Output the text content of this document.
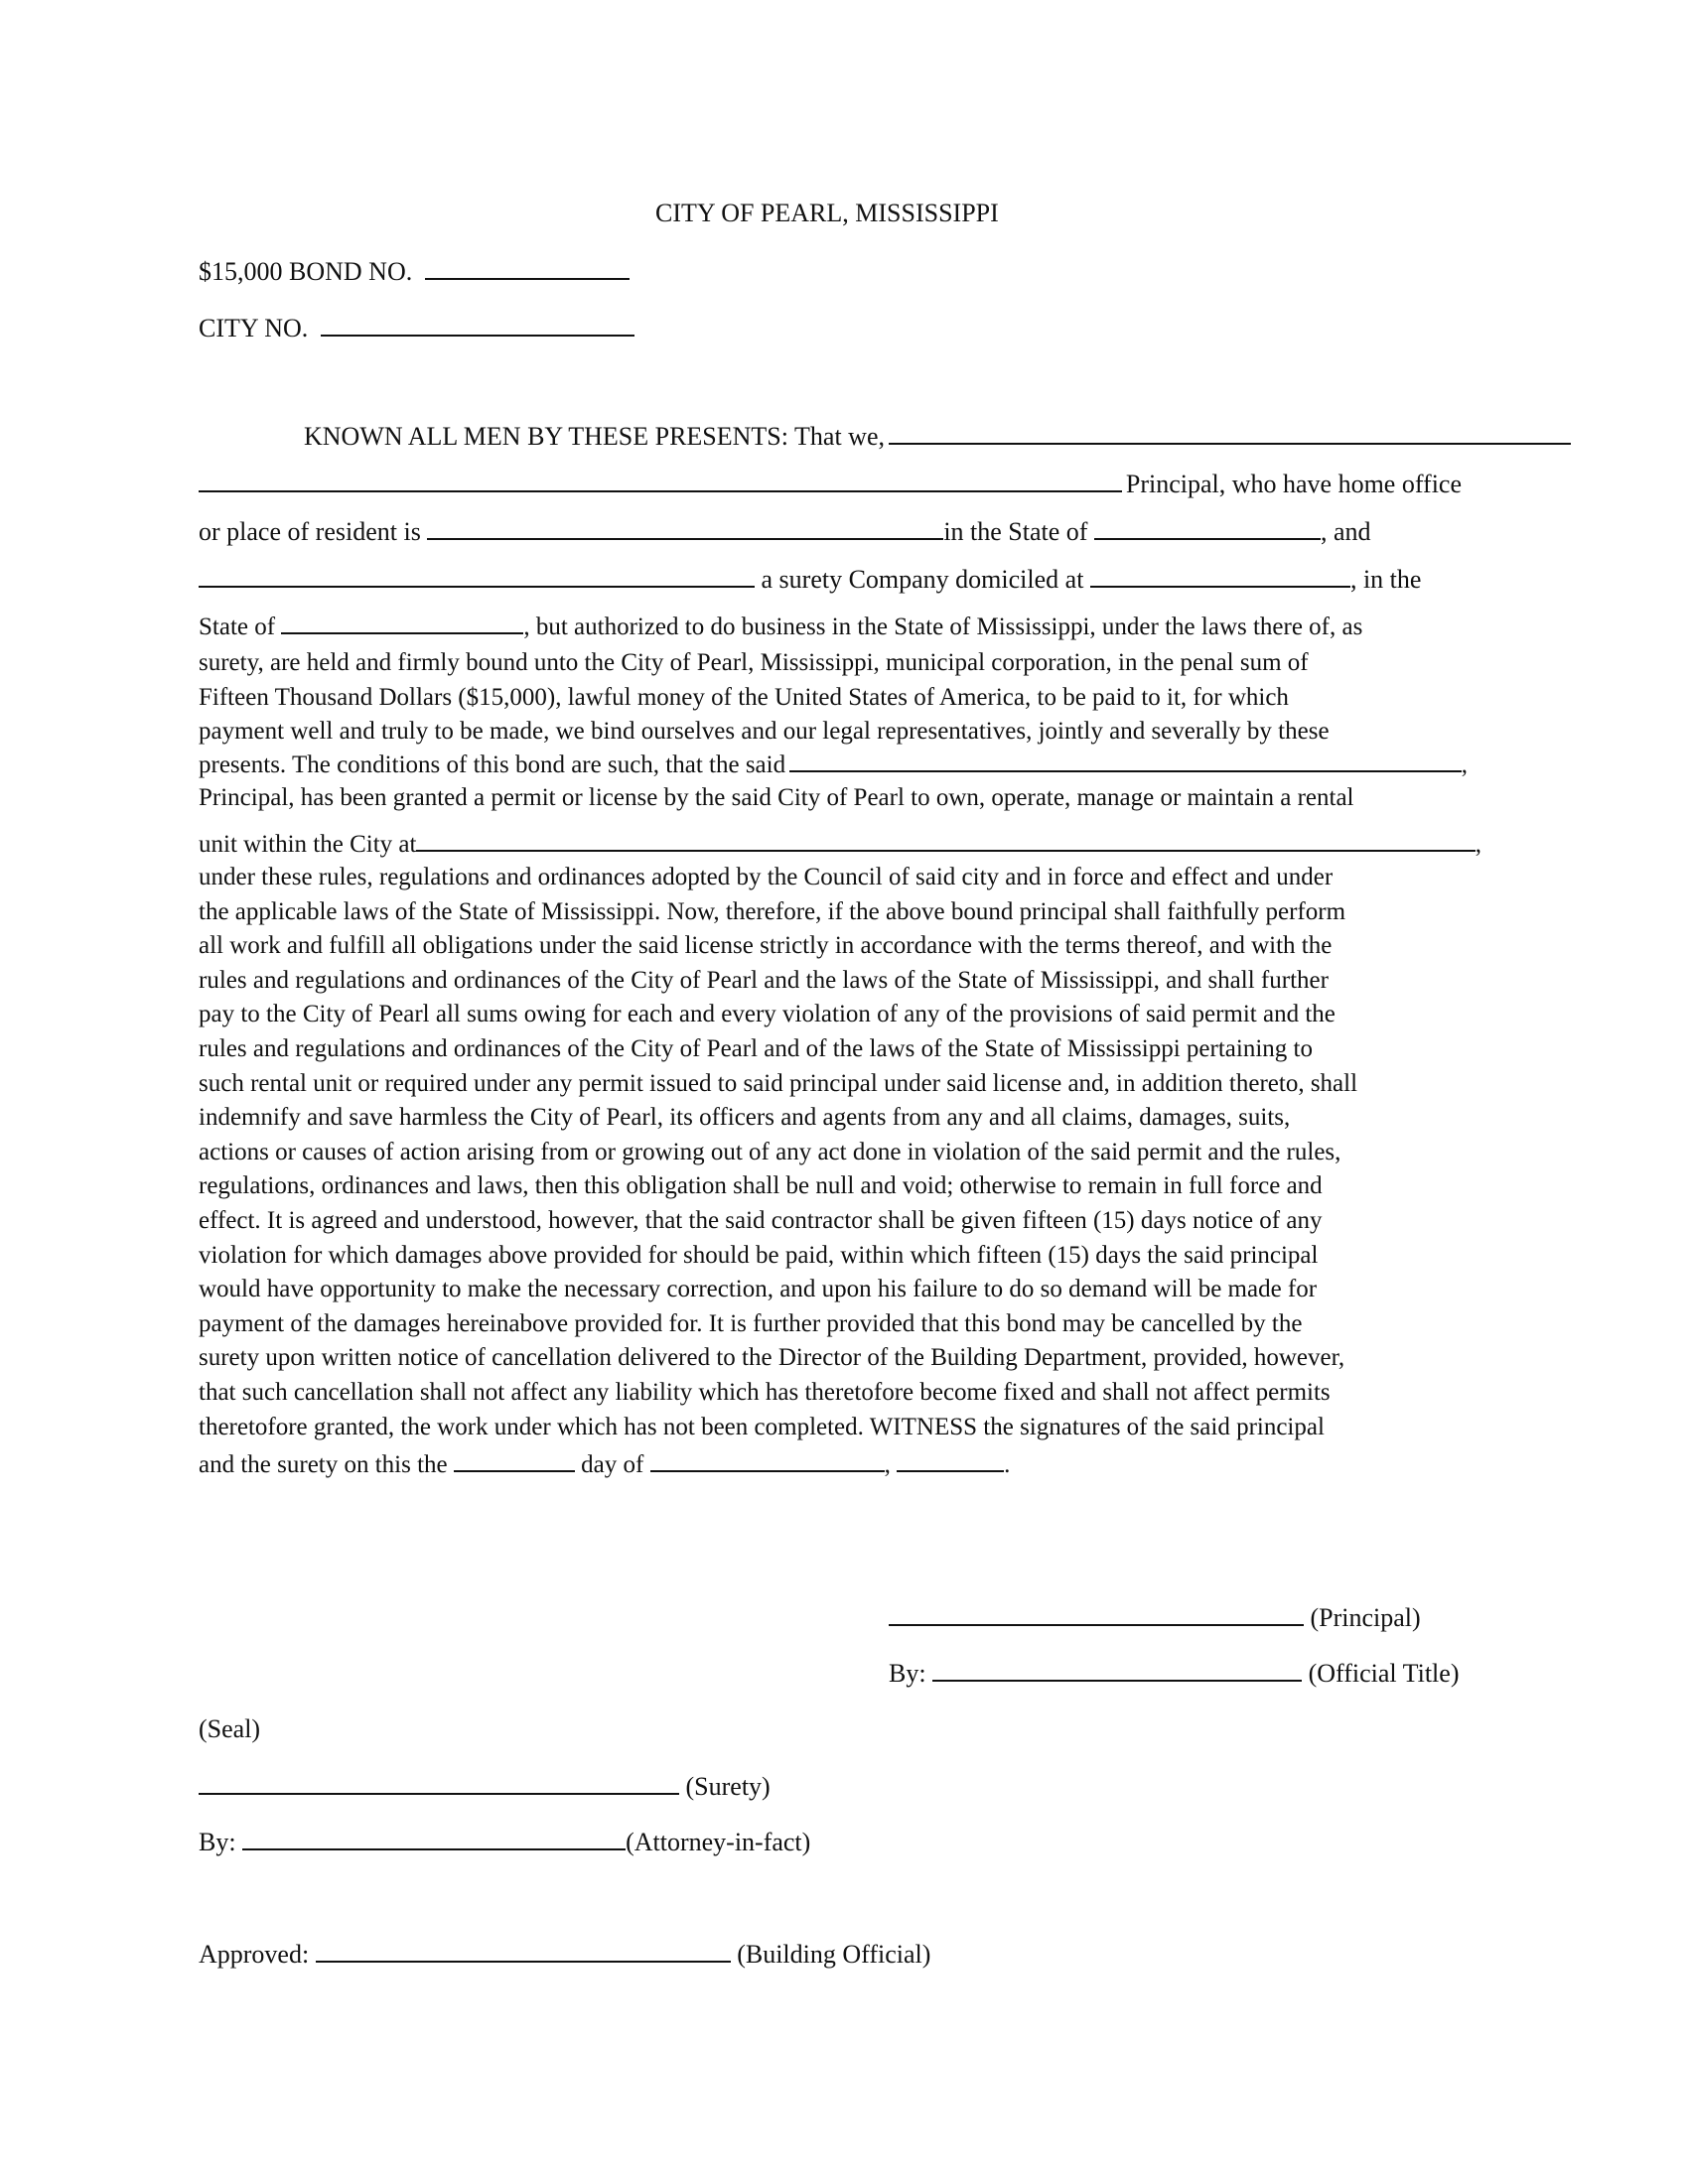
CITY OF PEARL, MISSISSIPPI
$15,000 BOND NO.
CITY NO.
KNOWN ALL MEN BY THESE PRESENTS: That we,
Principal, who have home office
or place of resident is	in the State of	, and
a surety Company domiciled at	, in the
State of	, but authorized to do business in the State of Mississippi, under the laws there of, as
surety, are held and firmly bound unto the City of Pearl, Mississippi, municipal corporation, in the penal sum of
Fifteen Thousand Dollars ($15,000), lawful money of the United States of America, to be paid to it, for which
payment well and truly to be made, we bind ourselves and our legal representatives, jointly and severally by these
presents. The conditions of this bond are such, that the said	,
Principal, has been granted a permit or license by the said City of Pearl to own, operate, manage or maintain a rental
unit within the City at	,
under these rules, regulations and ordinances adopted by the Council of said city and in force and effect and under
the applicable laws of the State of Mississippi. Now, therefore, if the above bound principal shall faithfully perform
all work and fulfill all obligations under the said license strictly in accordance with the terms thereof, and with the
rules and regulations and ordinances of the City of Pearl and the laws of the State of Mississippi, and shall further
pay to the City of Pearl all sums owing for each and every violation of any of the provisions of said permit and the
rules and regulations and ordinances of the City of Pearl and of the laws of the State of Mississippi pertaining to
such rental unit or required under any permit issued to said principal under said license and, in addition thereto, shall
indemnify and save harmless the City of Pearl, its officers and agents from any and all claims, damages, suits,
actions or causes of action arising from or growing out of any act done in violation of the said permit and the rules,
regulations, ordinances and laws, then this obligation shall be null and void; otherwise to remain in full force and
effect. It is agreed and understood, however, that the said contractor shall be given fifteen (15) days notice of any
violation for which damages above provided for should be paid, within which fifteen (15) days the said principal
would have opportunity to make the necessary correction, and upon his failure to do so demand will be made for
payment of the damages hereinabove provided for. It is further provided that this bond may be cancelled by the
surety upon written notice of cancellation delivered to the Director of the Building Department, provided, however,
that such cancellation shall not affect any liability which has theretofore become fixed and shall not affect permits
theretofore granted, the work under which has not been completed. WITNESS the signatures of the said principal
and the surety on this the	day of	,	.
(Principal)
By:	(Official Title)
(Seal)
(Surety)
By:	(Attorney-in-fact)
Approved:	(Building Official)
